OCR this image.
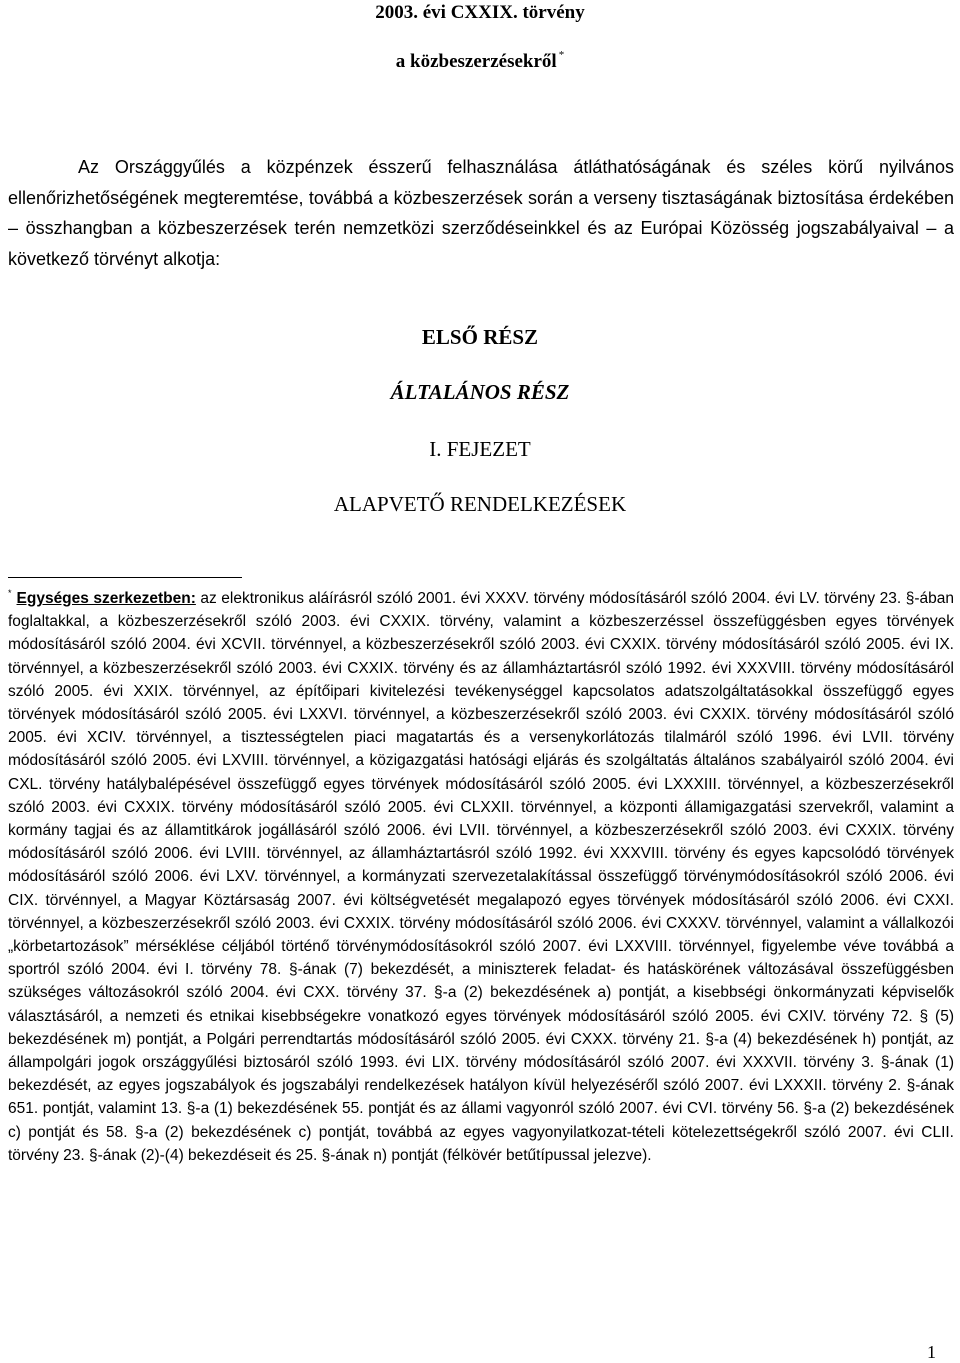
2003. évi CXXIX. törvény
a közbeszerzésekről *
Az Országgyűlés a közpénzek ésszerű felhasználása átláthatóságának és széles körű nyilvános ellenőrizhetőségének megteremtése, továbbá a közbeszerzések során a verseny tisztaságának biztosítása érdekében – összhangban a közbeszerzések terén nemzetközi szerződéseinkkel és az Európai Közösség jogszabályaival – a következő törvényt alkotja:
ELSŐ RÉSZ
ÁLTALÁNOS RÉSZ
I. FEJEZET
ALAPVETŐ RENDELKEZÉSEK
* Egységes szerkezetben: az elektronikus aláírásról szóló 2001. évi XXXV. törvény módosításáról szóló 2004. évi LV. törvény 23. §-ában foglaltakkal, a közbeszerzésekről szóló 2003. évi CXXIX. törvény, valamint a közbeszerzéssel összefüggésben egyes törvények módosításáról szóló 2004. évi XCVII. törvénnyel, a közbeszerzésekről szóló 2003. évi CXXIX. törvény módosításáról szóló 2005. évi IX. törvénnyel, a közbeszerzésekről szóló 2003. évi CXXIX. törvény és az államháztartásról szóló 1992. évi XXXVIII. törvény módosításáról szóló 2005. évi XXIX. törvénnyel, az építőipari kivitelezési tevékenységgel kapcsolatos adatszolgáltatásokkal összefüggő egyes törvények módosításáról szóló 2005. évi LXXVI. törvénnyel, a közbeszerzésekről szóló 2003. évi CXXIX. törvény módosításáról szóló 2005. évi XCIV. törvénnyel, a tisztességtelen piaci magatartás és a versenykorlátozás tilalmáról szóló 1996. évi LVII. törvény módosításáról szóló 2005. évi LXVIII. törvénnyel, a közigazgatási hatósági eljárás és szolgáltatás általános szabályairól szóló 2004. évi CXL. törvény hatálybalépésével összefüggő egyes törvények módosításáról szóló 2005. évi LXXXIII. törvénnyel, a közbeszerzésekről szóló 2003. évi CXXIX. törvény módosításáról szóló 2005. évi CLXXII. törvénnyel, a központi államigazgatási szervekről, valamint a kormány tagjai és az államtitkárok jogállásáról szóló 2006. évi LVII. törvénnyel, a közbeszerzésekről szóló 2003. évi CXXIX. törvény módosításáról szóló 2006. évi LVIII. törvénnyel, az államháztartásról szóló 1992. évi XXXVIII. törvény és egyes kapcsolódó törvények módosításáról szóló 2006. évi LXV. törvénnyel, a kormányzati szervezetalakítással összefüggő törvénymódosításokról szóló 2006. évi CIX. törvénnyel, a Magyar Köztársaság 2007. évi költségvetését megalapozó egyes törvények módosításáról szóló 2006. évi CXXI. törvénnyel, a közbeszerzésekről szóló 2003. évi CXXIX. törvény módosításáról szóló 2006. évi CXXXV. törvénnyel, valamint a vállalkozói „körbetartozások” mérséklése céljából történő törvénymódosításokról szóló 2007. évi LXXVIII. törvénnyel, figyelembe véve továbbá a sportról szóló 2004. évi I. törvény 78. §-ának (7) bekezdését, a miniszterek feladat- és hatáskörének változásával összefüggésben szükséges változásokról szóló 2004. évi CXX. törvény 37. §-a (2) bekezdésének a) pontját, a kisebbségi önkormányzati képviselők választásáról, a nemzeti és etnikai kisebbségekre vonatkozó egyes törvények módosításáról szóló 2005. évi CXIV. törvény 72. § (5) bekezdésének m) pontját, a Polgári perrendtartás módosításáról szóló 2005. évi CXXX. törvény 21. §-a (4) bekezdésének h) pontját, az állampolgári jogok országgyűlési biztosáról szóló 1993. évi LIX. törvény módosításáról szóló 2007. évi XXXVII. törvény 3. §-ának (1) bekezdését, az egyes jogszabályok és jogszabályi rendelkezések hatályon kívül helyezéséről szóló 2007. évi LXXXII. törvény 2. §-ának 651. pontját, valamint 13. §-a (1) bekezdésének 55. pontját és az állami vagyonról szóló 2007. évi CVI. törvény 56. §-a (2) bekezdésének c) pontját és 58. §-a (2) bekezdésének c) pontját, továbbá az egyes vagyonyilatkozat-tételi kötelezettségekről szóló 2007. évi CLII. törvény 23. §-ának (2)-(4) bekezdéseit és 25. §-ának n) pontját (félkövér betűtípussal jelezve).
1
